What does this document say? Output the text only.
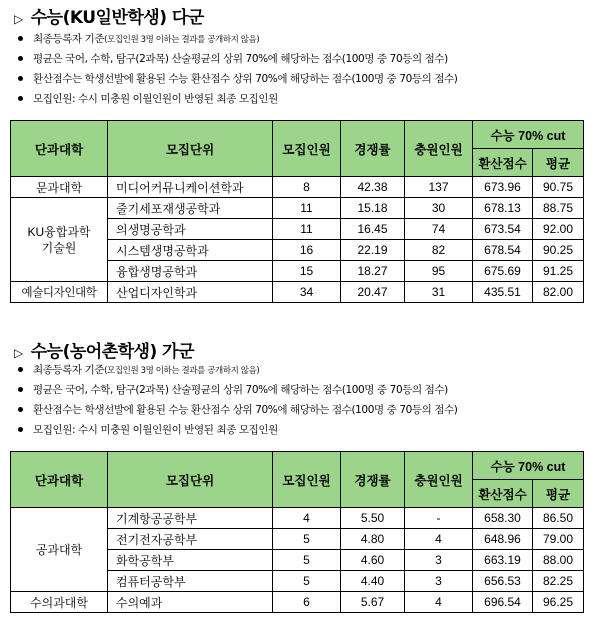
▷ 수능(KU일반학생) 다군
최종등록자 기준(모집인원 3명 이하는 결과를 공개하지 않음)
평균은 국어, 수학, 탐구(2과목) 산술평균의 상위 70%에 해당하는 점수(100명 중 70등의 점수)
환산점수는 학생선발에 활용된 수능 환산점수 상위 70%에 해당하는 점수(100명 중 70등의 점수)
모집인원: 수시 미충원 이월인원이 반영된 최종 모집인원
단과대학	모집단위	모집인원	경쟁률	충원인원	수능 70% cut	
					환산점수	평균
문과대학	미디어커뮤니케이션학과	8	42.38	137	673.96	90.75
KU융합과학기술원	줄기세포재생공학과	11	15.18	30	678.13	88.75
	의생명공학과	11	16.45	74	673.54	92.00
	시스템생명공학과	16	22.19	82	678.54	90.25
	융합생명공학과	15	18.27	95	675.69	91.25
예술디자인대학	산업디자인학과	34	20.47	31	435.51	82.00
▷ 수능(농어촌학생) 가군
최종등록자 기준(모집인원 3명 이하는 결과를 공개하지 않음)
평균은 국어, 수학, 탐구(2과목) 산술평균의 상위 70%에 해당하는 점수(100명 중 70등의 점수)
환산점수는 학생선발에 활용된 수능 환산점수 상위 70%에 해당하는 점수(100명 중 70등의 점수)
모집인원: 수시 미충원 이월인원이 반영된 최종 모집인원
단과대학	모집단위	모집인원	경쟁률	충원인원	수능 70% cut	
					환산점수	평균
공과대학	기계항공공학부	4	5.50	-	658.30	86.50
	전기전자공학부	5	4.80	4	648.96	79.00
	화학공학부	5	4.60	3	663.19	88.00
	컴퓨터공학부	5	4.40	3	656.53	82.25
수의과대학	수의예과	6	5.67	4	696.54	96.25
